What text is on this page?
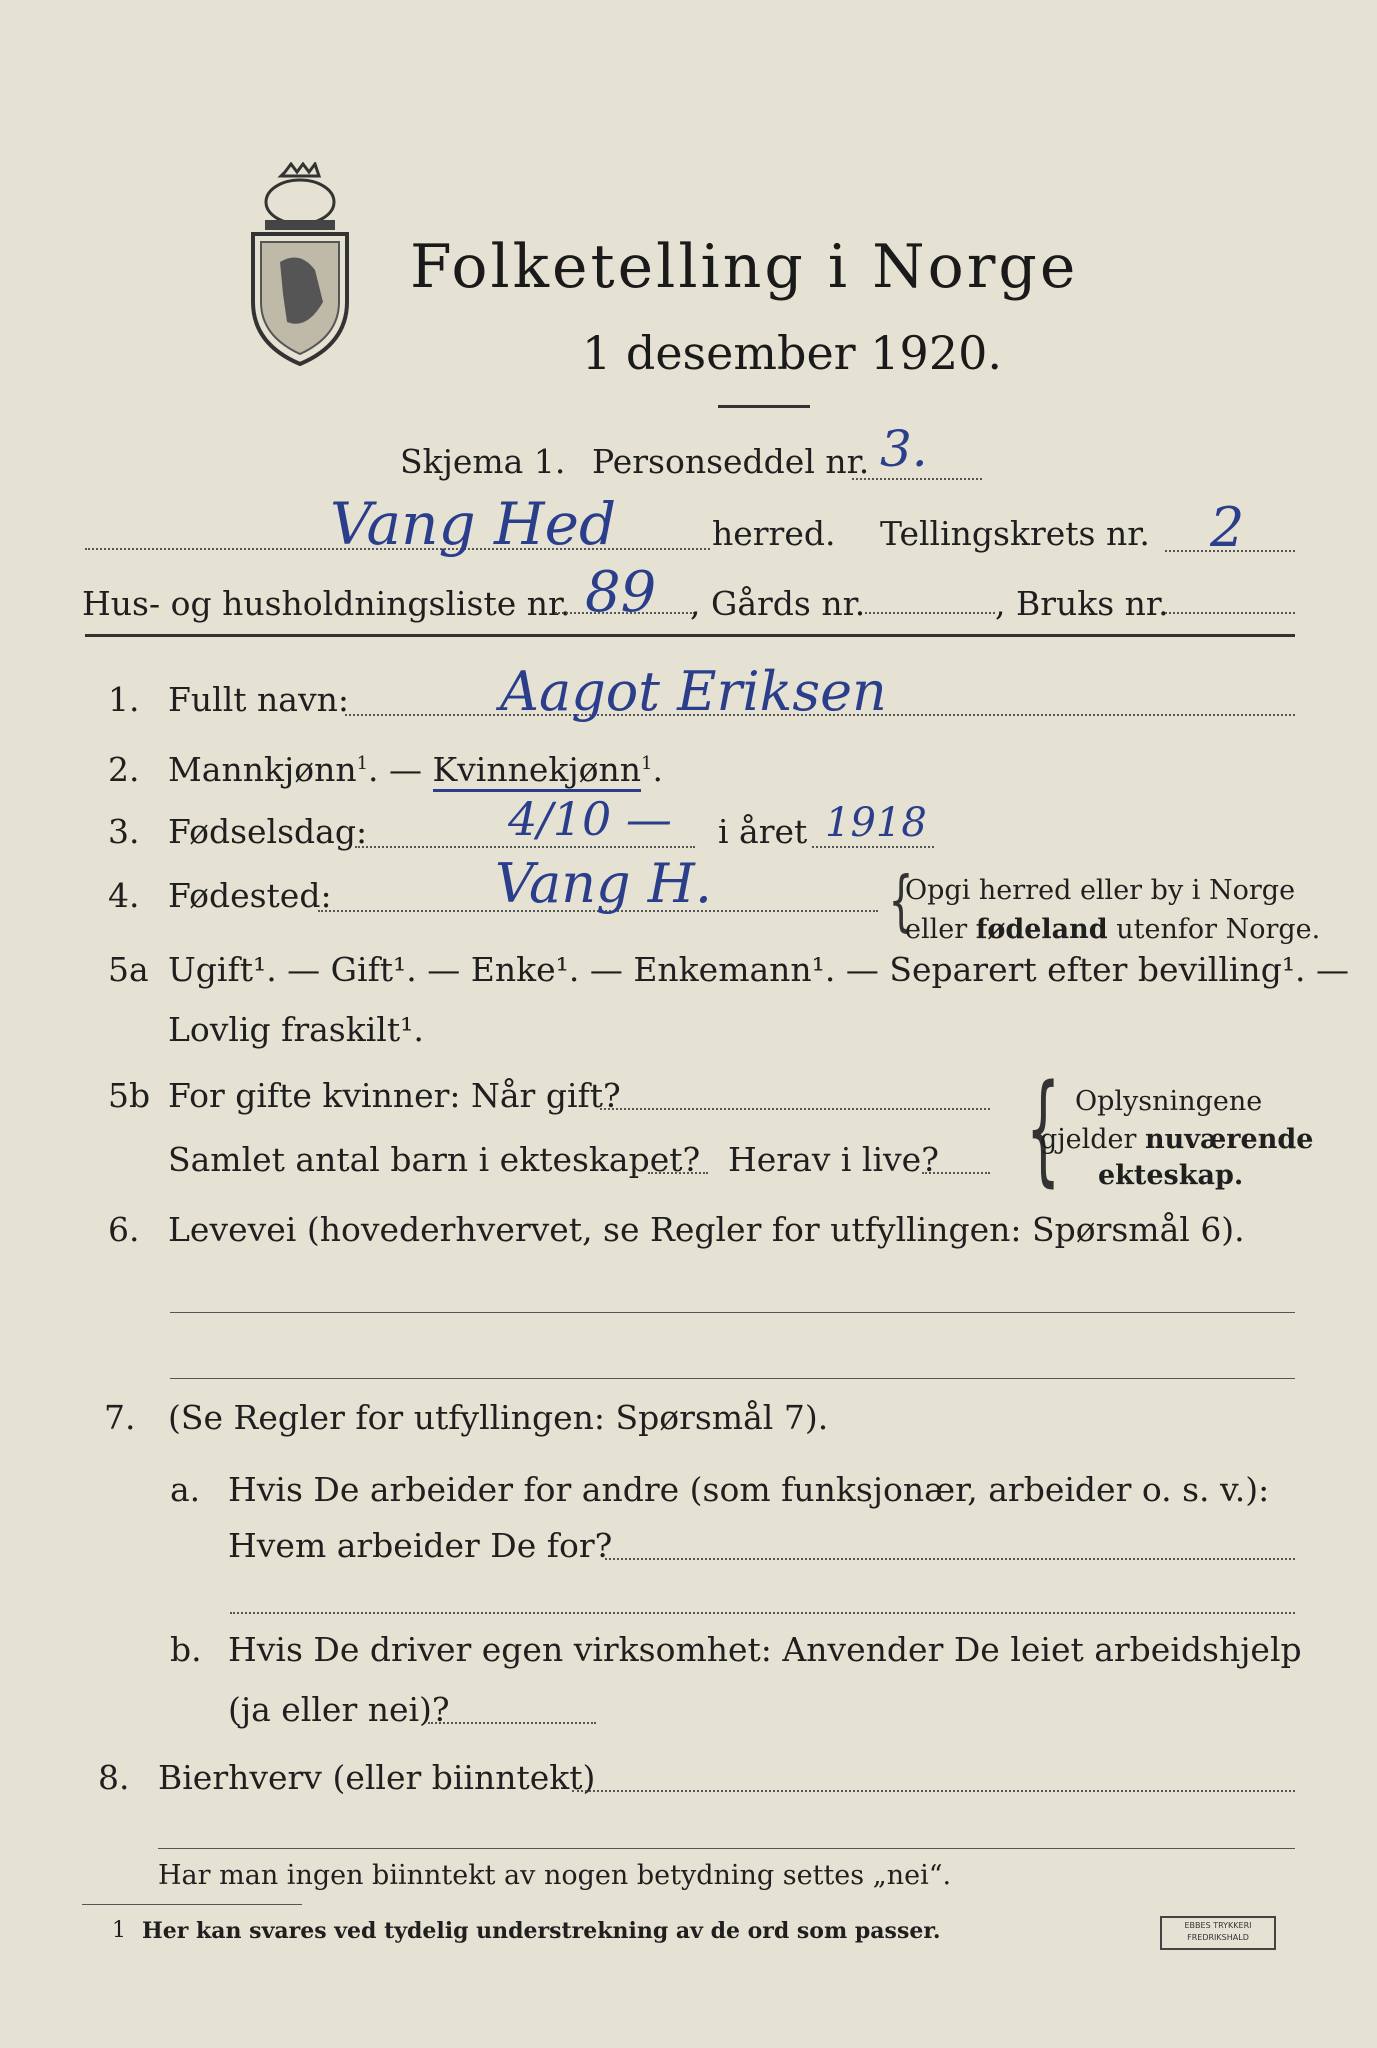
Folketelling i Norge
1 desember 1920.
Skjema 1. Personseddel nr. 3.
Vang Hed	herred. Tellingskrets nr. 2
Hus- og husholdningsliste nr. 89 , Gårds nr.	, Bruks nr.
1. Fullt navn:	Aagot Eriksen
2. Mannkjønn$^1$. — Kvinnekjønn$^1$.
3. Fødselsdag:	4/10 — i året 1918
4. Fødested:	Vang H.	{
Opgi herred eller by i Norge
eller fødeland utenfor Norge.
5a Ugift¹. — Gift¹. — Enke¹. — Enkemann¹. — Separert efter bevilling¹. —
Lovlig fraskilt¹.
5b For gifte kvinner: Når gift?
Samlet antal barn i ekteskapet? Herav i live? { Oplysningene
gjelder nuværende
ekteskap.
6. Levevei (hovederhvervet, se Regler for utfyllingen: Spørsmål 6).
7. (Se Regler for utfyllingen: Spørsmål 7).
a. Hvis De arbeider for andre (som funksjonær, arbeider o. s. v.):
Hvem arbeider De for?
b. Hvis De driver egen virksomhet: Anvender De leiet arbeidshjelp
(ja eller nei)?
8. Bierhverv (eller biinntekt)
Har man ingen biinntekt av nogen betydning settes „nei“.
1 Her kan svares ved tydelig understrekning av de ord som passer.	EBBES TRYKKERI
FREDRIKSHALD
